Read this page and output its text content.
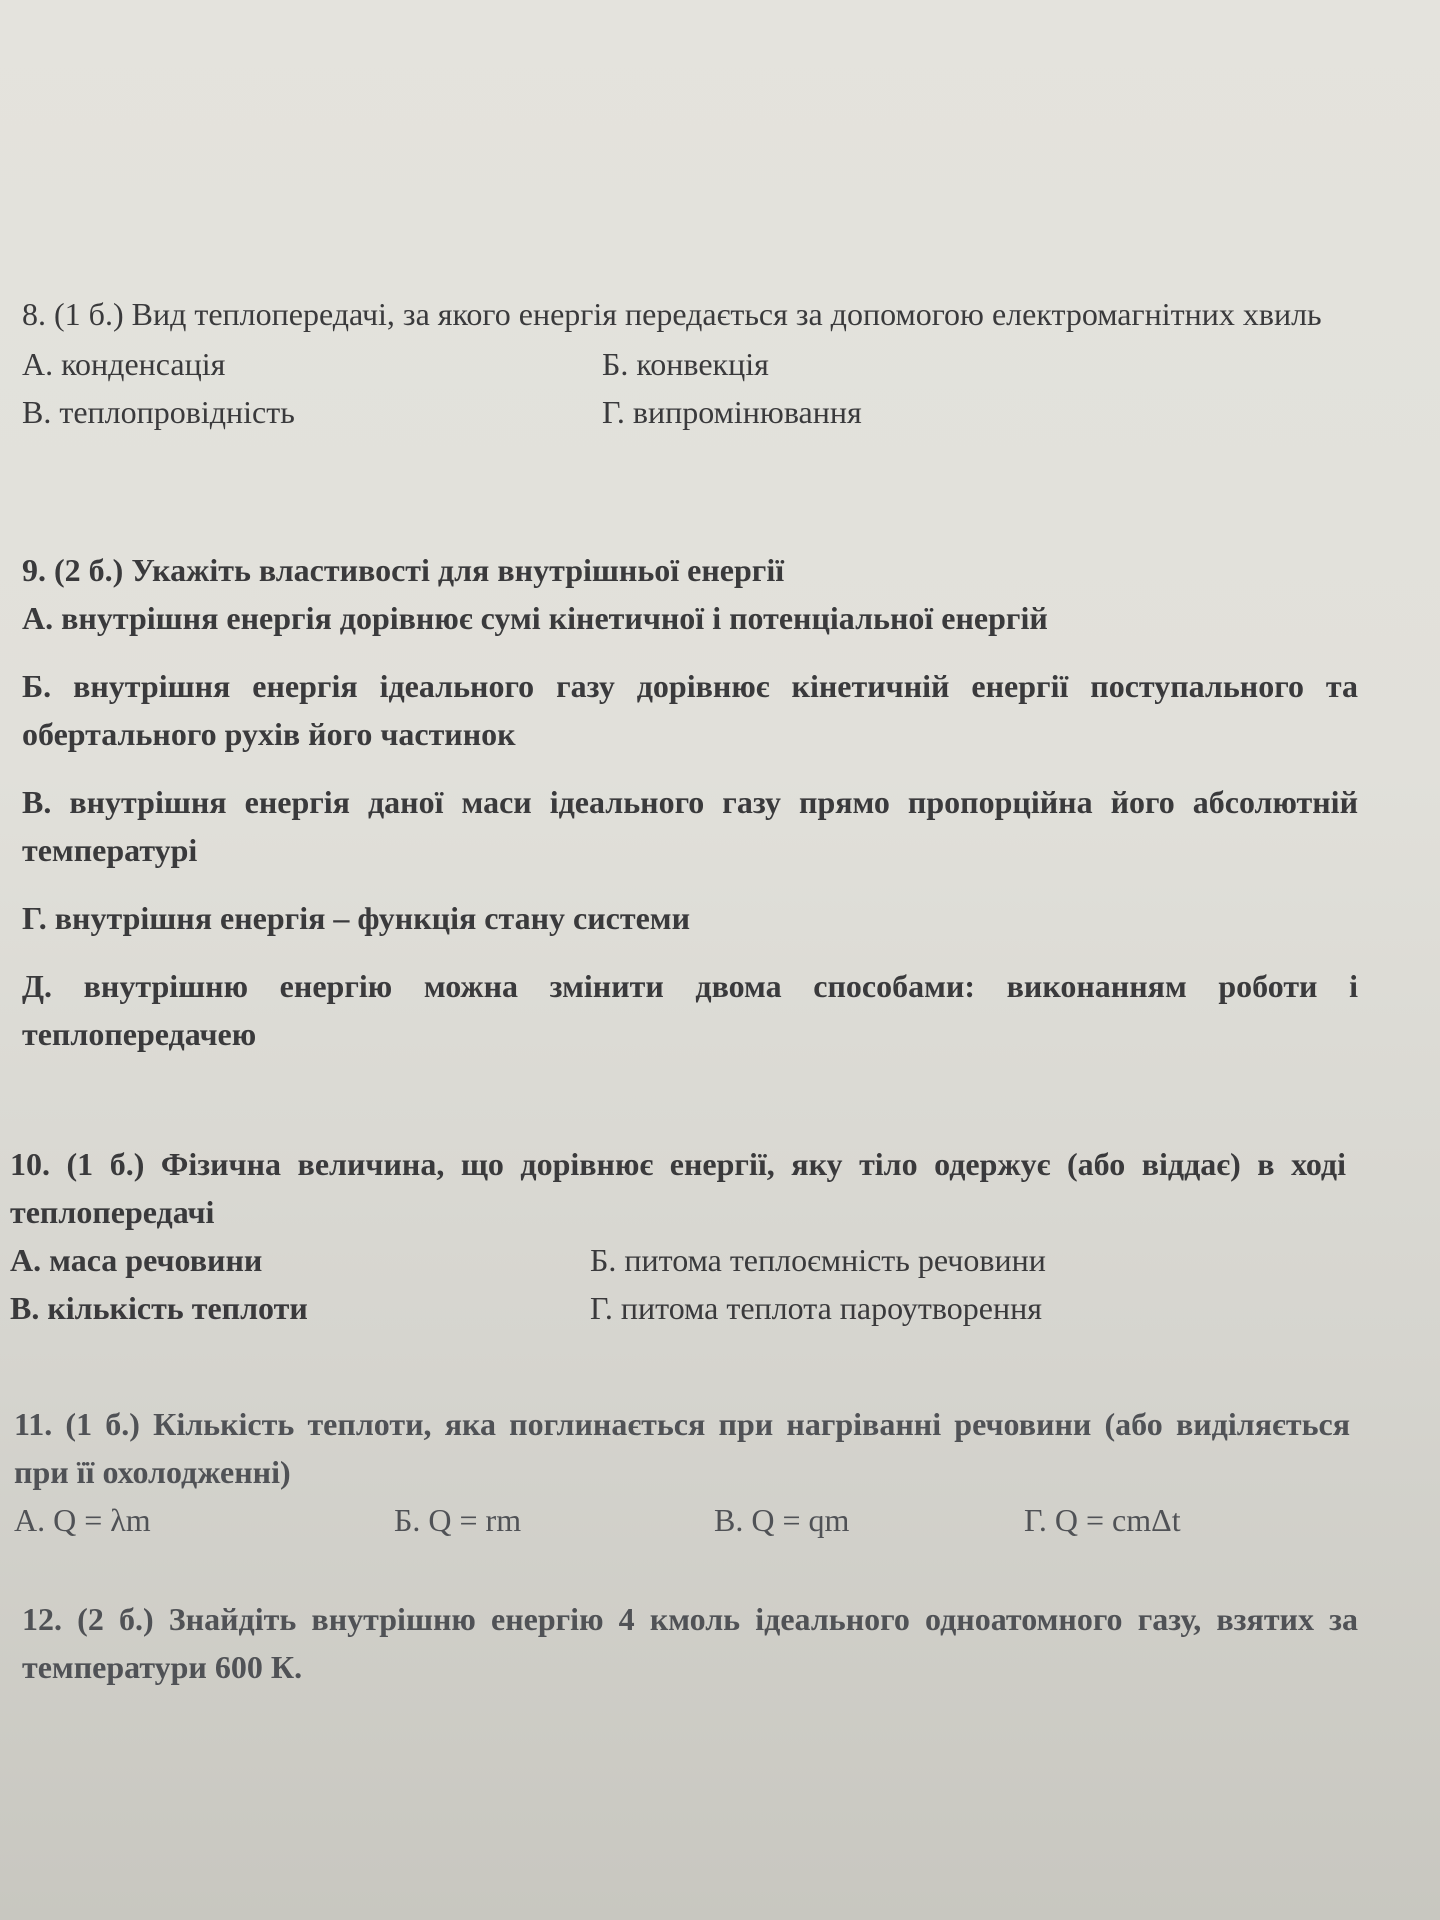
8. (1 б.) Вид теплопередачі, за якого енергія передається за допомогою електромагнітних хвиль

А. конденсація	Б. конвекція

В. теплопровідність	Г. випромінювання

9. (2 б.) Укажіть властивості для внутрішньої енергії

А. внутрішня енергія дорівнює сумі кінетичної і потенціальної енергій

Б. внутрішня енергія ідеального газу дорівнює кінетичній енергії поступального та обертального рухів його частинок

В. внутрішня енергія даної маси ідеального газу прямо пропорційна його абсолютній температурі

Г. внутрішня енергія – функція стану системи

Д. внутрішню енергію можна змінити двома способами: виконанням роботи і теплопередачею

10. (1 б.) Фізична величина, що дорівнює енергії, яку тіло одержує (або віддає) в ході теплопередачі

А. маса речовини	Б. питома теплоємність речовини

В. кількість теплоти	Г. питома теплота пароутворення

11. (1 б.) Кількість теплоти, яка поглинається при нагріванні речовини (або виділяється при її охолодженні)

А. Q = λm	Б. Q = rm	В. Q = qm	Г. Q = cmΔt

12. (2 б.) Знайдіть внутрішню енергію 4 кмоль ідеального одноатомного газу, взятих за температури 600 К.
